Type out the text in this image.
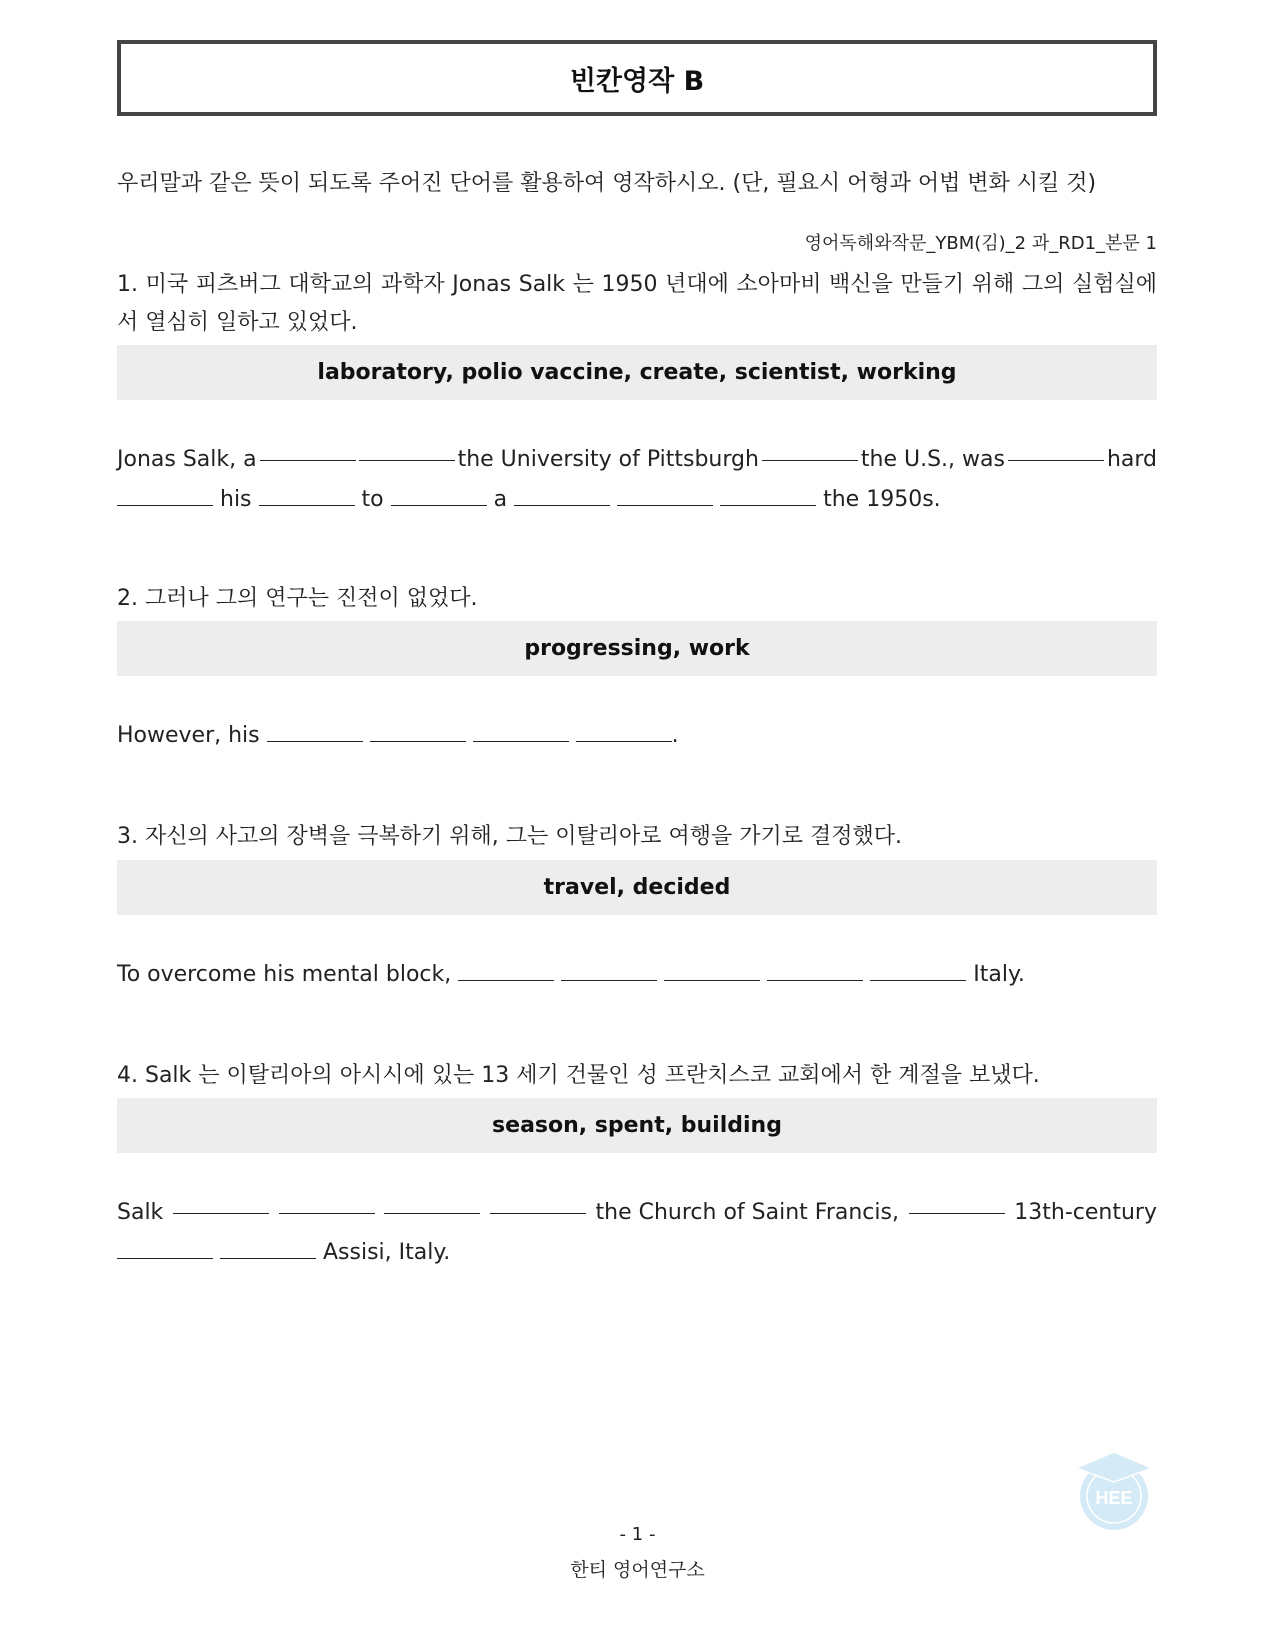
빈칸영작 B
우리말과 같은 뜻이 되도록 주어진 단어를 활용하여 영작하시오. (단, 필요시 어형과 어법 변화 시킬 것)
영어독해와작문_YBM(김)_2 과_RD1_본문 1
1. 미국 피츠버그 대학교의 과학자 Jonas Salk 는 1950 년대에 소아마비 백신을 만들기 위해 그의 실험실에서 열심히 일하고 있었다.
laboratory, polio vaccine, create, scientist, working
Jonas Salk, a	the University of Pittsburgh	the U.S., was	hard
his	to	a	the 1950s.
2. 그러나 그의 연구는 진전이 없었다.
progressing, work
However, his	.
3. 자신의 사고의 장벽을 극복하기 위해, 그는 이탈리아로 여행을 가기로 결정했다.
travel, decided
To overcome his mental block,	Italy.
4. Salk 는 이탈리아의 아시시에 있는 13 세기 건물인 성 프란치스코 교회에서 한 계절을 보냈다.
season, spent, building
Salk	the Church of Saint Francis,	13th-century
Assisi, Italy.
HEE
- 1 -
한티 영어연구소
